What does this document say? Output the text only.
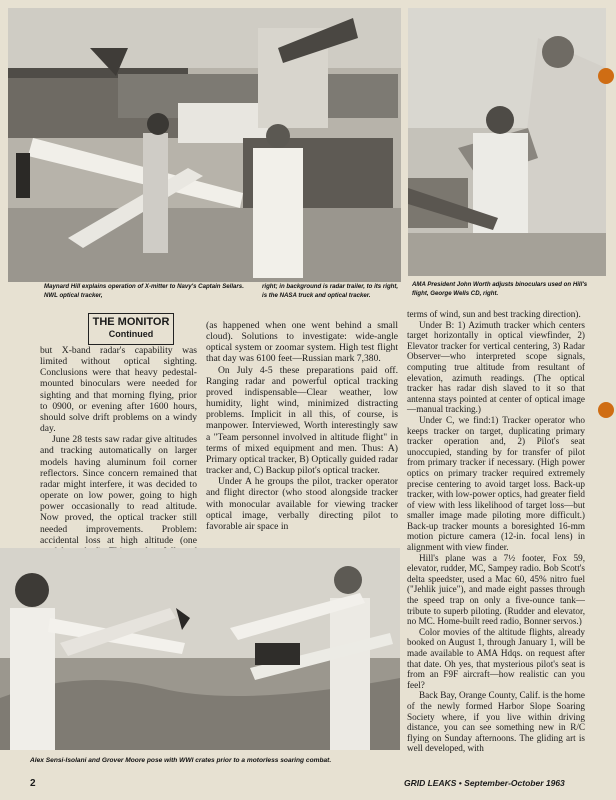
Maynard Hill explains operation of X-mitter to Navy's Captain Sellars. NWL optical tracker,
right; in background is radar trailer, to its right, is the NASA truck and optical tracker.
AMA President John Worth adjusts binoculars used on Hill's flight, George Wells CD, right.
THE MONITOR
Continued

but X-band radar's capability was limited without optical sighting. Conclusions were that heavy pedestal-mounted binoculars were needed for sighting and that morning flying, prior to 0900, or evening after 1600 hours, should solve drift problems on a windy day.

June 28 tests saw radar give altitudes and tracking automatically on larger models having aluminum foil corner reflectors. Since concern remained that radar might interfere, it was decided to operate on low power, going to high power occasionally to read altitude. Now proved, the optical tracker still needed improvements. Problem: accidental loss at high altitude (one

(as happened when one went behind a small cloud). Solutions to investigate: wide-angle optical system or zoomar system. High test flight that day was 6100 feet—Russian mark 7,380.

On July 4-5 these preparations paid off. Ranging radar and powerful optical tracking proved indispensable—Clear weather, low humidity, light wind, minimized distracting problems. Implicit in all this, of course, is manpower. Interviewed, Worth interestingly saw a "Team personnel involved in altitude flight" in terms of mixed equipment and men. Thus: A) Primary optical tracker, B) Optically guided radar tracker and, C) Backup pilot's optical tracker.

Under A he groups the pilot, tracker operator and flight director (who stood alongside tracker with monocular available for viewing tracker optical image, verbally directing pilot to favorable air space in

terms of wind, sun and best tracking direction).

Under B: 1) Azimuth tracker which centers target horizontally in optical viewfinder, 2) Elevator tracker for vertical centering, 3) Radar Observer—who interpreted scope signals, computing true altitude from resultant of elevation, azimuth readings. (The optical tracker has radar dish slaved to it so that antenna stays pointed at center of optical image—manual tracking.)

Under C, we find:1) Tracker operator who keeps tracker on target, duplicating primary tracker operation and, 2) Pilot's seat unoccupied, standing by for transfer of pilot from primary tracker if necessary. (High power optics on primary tracker required extremely precise centering to avoid target loss. Back-up tracker, with low-power optics, had greater field of view with less likelihood of target loss—but smaller image made piloting more difficult.) Back-up tracker mounts a boresighted 16-mm motion picture camera (12-in. focal lens) in alignment with view finder.

Hill's plane was a 7½ footer, Fox 59, elevator, rudder, MC, Sampey radio. Bob Scott's delta speedster, used a Mac 60, 45% nitro fuel ("Jehlik juice"), and made eight passes through the speed trap on only a five-ounce tank—tribute to superb piloting. (Rudder and elevator, no MC. Home-built reed radio, Bonner servos.)

Color movies of the altitude flights, already booked on August 1, through January 1, will be made available to AMA Hdqs. on request after that date. Oh yes, that mysterious pilot's seat is from an F9F aircraft—how realistic can you feel?

Back Bay, Orange County, Calif. is the home of the newly formed Harbor Slope Soaring Society where, if you live within driving distance, you can see something new in R/C flying on Sunday afternoons. The gliding art is well developed, with

Alex Sensi-Isolani and Grover Moore pose with WWI crates prior to a motorless soaring combat.
2	GRID LEAKS • September-October 1963
